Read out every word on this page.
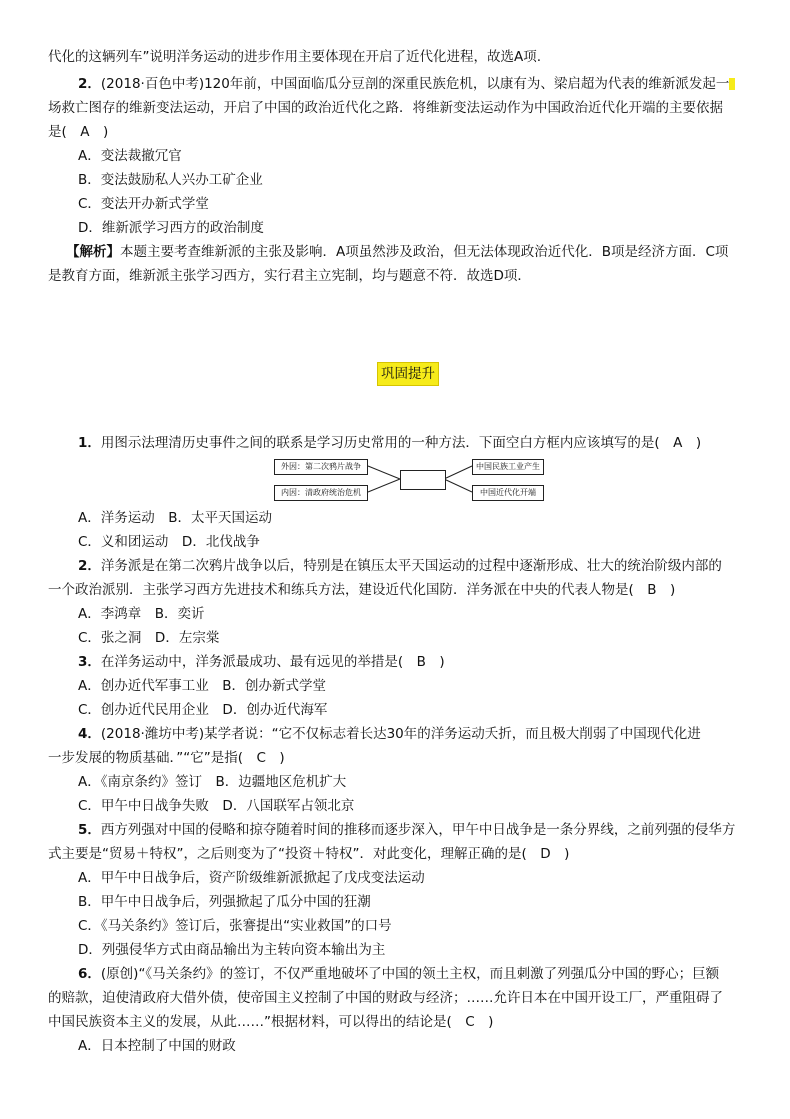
代化的这辆列车”说明洋务运动的进步作用主要体现在开启了近代化进程，故选A项.
2．(2018·百色中考)120年前，中国面临瓜分豆剖的深重民族危机，以康有为、梁启超为代表的维新派发起一
场救亡图存的维新变法运动，开启了中国的政治近代化之路．将维新变法运动作为中国政治近代化开端的主要依据
是(　A　)
A．变法裁撤冗官
B．变法鼓励私人兴办工矿企业
C．变法开办新式学堂
D．维新派学习西方的政治制度
【解析】本题主要考查维新派的主张及影响．A项虽然涉及政治，但无法体现政治近代化．B项是经济方面．C项
是教育方面，维新派主张学习西方，实行君主立宪制，均与题意不符．故选D项．
巩固提升
1．用图示法理清历史事件之间的联系是学习历史常用的一种方法．下面空白方框内应该填写的是(　A　)
外因：第二次鸦片战争
内因：清政府统治危机
中国民族工业产生
中国近代化开端
A．洋务运动　B．太平天国运动
C．义和团运动　D．北伐战争
2．洋务派是在第二次鸦片战争以后，特别是在镇压太平天国运动的过程中逐渐形成、壮大的统治阶级内部的
一个政治派别．主张学习西方先进技术和练兵方法，建设近代化国防．洋务派在中央的代表人物是(　B　)
A．李鸿章　B．奕䜣
C．张之洞　D．左宗棠
3．在洋务运动中，洋务派最成功、最有远见的举措是(　B　)
A．创办近代军事工业　B．创办新式学堂
C．创办近代民用企业　D．创办近代海军
4．(2018·潍坊中考)某学者说：“它不仅标志着长达30年的洋务运动夭折，而且极大削弱了中国现代化进
一步发展的物质基础．”“它”是指(　C　)
A．《南京条约》签订　B．边疆地区危机扩大
C．甲午中日战争失败　D．八国联军占领北京
5．西方列强对中国的侵略和掠夺随着时间的推移而逐步深入，甲午中日战争是一条分界线，之前列强的侵华方
式主要是“贸易＋特权”，之后则变为了“投资＋特权”．对此变化，理解正确的是(　D　)
A．甲午中日战争后，资产阶级维新派掀起了戊戌变法运动
B．甲午中日战争后，列强掀起了瓜分中国的狂潮
C．《马关条约》签订后，张謇提出“实业救国”的口号
D．列强侵华方式由商品输出为主转向资本输出为主
6．(原创)“《马关条约》的签订，不仅严重地破坏了中国的领土主权，而且刺激了列强瓜分中国的野心；巨额
的赔款，迫使清政府大借外债，使帝国主义控制了中国的财政与经济；……允许日本在中国开设工厂，严重阻碍了
中国民族资本主义的发展，从此……”根据材料，可以得出的结论是(　C　)
A．日本控制了中国的财政
